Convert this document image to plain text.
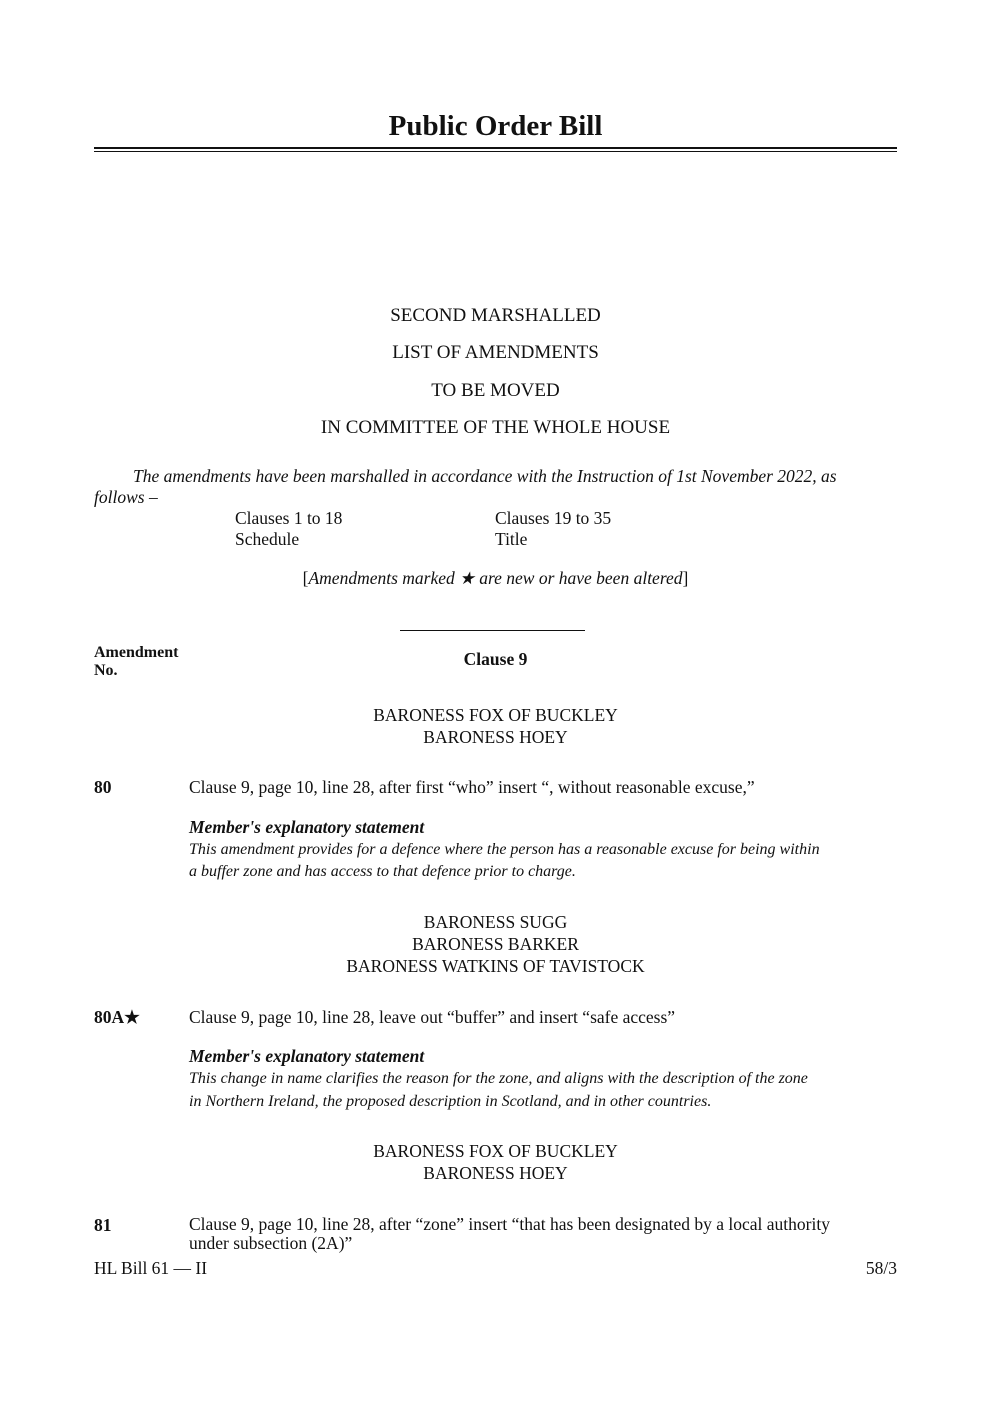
Public Order Bill
SECOND MARSHALLED
LIST OF AMENDMENTS
TO BE MOVED
IN COMMITTEE OF THE WHOLE HOUSE
The amendments have been marshalled in accordance with the Instruction of 1st November 2022, as
follows –
Clauses 1 to 18	Clauses 19 to 35
Schedule	Title
[Amendments marked ★ are new or have been altered]
Amendment
No.
Clause 9
BARONESS FOX OF BUCKLEY
BARONESS HOEY
80	Clause 9, page 10, line 28, after first “who” insert “, without reasonable excuse,”
Member's explanatory statement
This amendment provides for a defence where the person has a reasonable excuse for being within
a buffer zone and has access to that defence prior to charge.
BARONESS SUGG
BARONESS BARKER
BARONESS WATKINS OF TAVISTOCK
80A★	Clause 9, page 10, line 28, leave out “buffer” and insert “safe access”
Member's explanatory statement
This change in name clarifies the reason for the zone, and aligns with the description of the zone
in Northern Ireland, the proposed description in Scotland, and in other countries.
BARONESS FOX OF BUCKLEY
BARONESS HOEY
81	Clause 9, page 10, line 28, after “zone” insert “that has been designated by a local authority
under subsection (2A)”
HL Bill 61 — II	58/3
